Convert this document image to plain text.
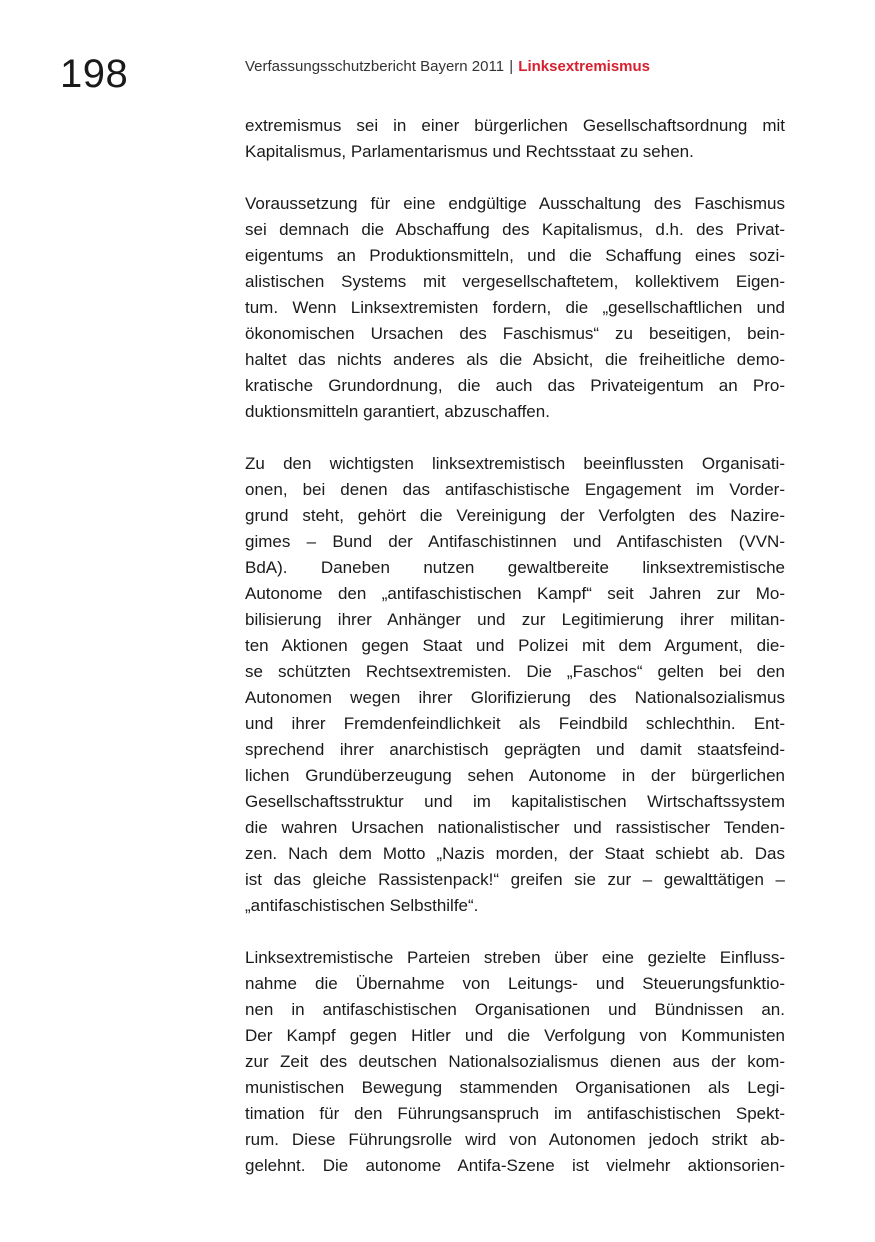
198	Verfassungsschutzbericht Bayern 2011 | Linksextremismus

extremismus sei in einer bürgerlichen Gesellschaftsordnung mit
Kapitalismus, Parlamentarismus und Rechtsstaat zu sehen.

Voraussetzung für eine endgültige Ausschaltung des Faschismus
sei demnach die Abschaffung des Kapitalismus, d.h. des Privat-
eigentums an Produktionsmitteln, und die Schaffung eines sozi-
alistischen Systems mit vergesellschaftetem, kollektivem Eigen-
tum. Wenn Linksextremisten fordern, die „gesellschaftlichen und
ökonomischen Ursachen des Faschismus“ zu beseitigen, bein-
haltet das nichts anderes als die Absicht, die freiheitliche demo-
kratische Grundordnung, die auch das Privateigentum an Pro-
duktionsmitteln garantiert, abzuschaffen.

Zu den wichtigsten linksextremistisch beeinflussten Organisati-
onen, bei denen das antifaschistische Engagement im Vorder-
grund steht, gehört die Vereinigung der Verfolgten des Nazire-
gimes – Bund der Antifaschistinnen und Antifaschisten (VVN-
BdA). Daneben nutzen gewaltbereite linksextremistische
Autonome den „antifaschistischen Kampf“ seit Jahren zur Mo-
bilisierung ihrer Anhänger und zur Legitimierung ihrer militan-
ten Aktionen gegen Staat und Polizei mit dem Argument, die-
se schützten Rechtsextremisten. Die „Faschos“ gelten bei den
Autonomen wegen ihrer Glorifizierung des Nationalsozialismus
und ihrer Fremdenfeindlichkeit als Feindbild schlechthin. Ent-
sprechend ihrer anarchistisch geprägten und damit staatsfeind-
lichen Grundüberzeugung sehen Autonome in der bürgerlichen
Gesellschaftsstruktur und im kapitalistischen Wirtschaftssystem
die wahren Ursachen nationalistischer und rassistischer Tenden-
zen. Nach dem Motto „Nazis morden, der Staat schiebt ab. Das
ist das gleiche Rassistenpack!“ greifen sie zur – gewalttätigen –
„antifaschistischen Selbsthilfe“.

Linksextremistische Parteien streben über eine gezielte Einfluss-
nahme die Übernahme von Leitungs- und Steuerungsfunktio-
nen in antifaschistischen Organisationen und Bündnissen an.
Der Kampf gegen Hitler und die Verfolgung von Kommunisten
zur Zeit des deutschen Nationalsozialismus dienen aus der kom-
munistischen Bewegung stammenden Organisationen als Legi-
timation für den Führungsanspruch im antifaschistischen Spekt-
rum. Diese Führungsrolle wird von Autonomen jedoch strikt ab-
gelehnt. Die autonome Antifa-Szene ist vielmehr aktionsorien-
